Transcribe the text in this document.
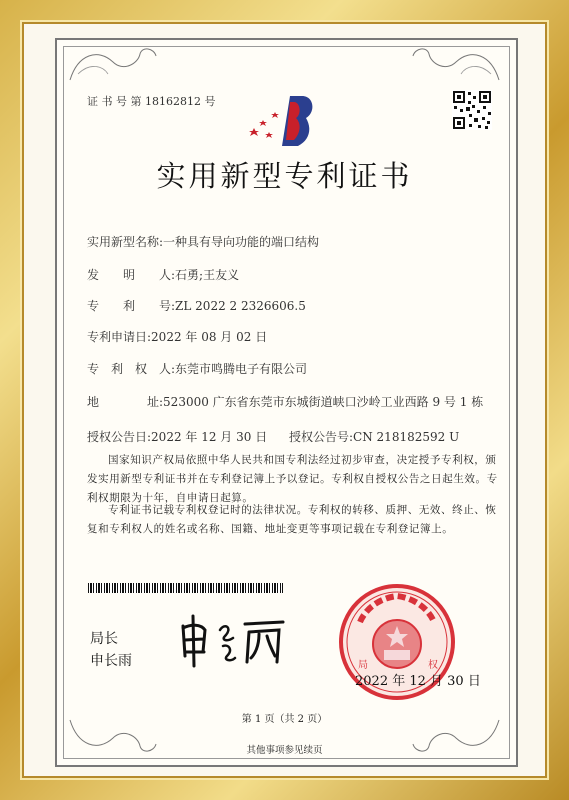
证 书 号 第 18162812 号
实用新型专利证书
实用新型名称:一种具有导向功能的端口结构
发　　明　　人:石勇;王友义
专　　利　　号:ZL 2022 2 2326606.5
专利申请日:2022 年 08 月 02 日
专　利　权　人:东莞市鸣腾电子有限公司
地　　　　址:523000 广东省东莞市东城街道峡口沙岭工业西路 9 号 1 栋
授权公告日:2022 年 12 月 30 日 授权公告号:CN 218182592 U
国家知识产权局依照中华人民共和国专利法经过初步审查，决定授予专利权，颁发实用新型专利证书并在专利登记簿上予以登记。专利权自授权公告之日起生效。专利权期限为十年，自申请日起算。
专利证书记载专利权登记时的法律状况。专利权的转移、质押、无效、终止、恢复和专利权人的姓名或名称、国籍、地址变更等事项记载在专利登记簿上。
局长
申长雨	局	权
2022 年 12 月 30 日
第 1 页（共 2 页）
其他事项参见续页
